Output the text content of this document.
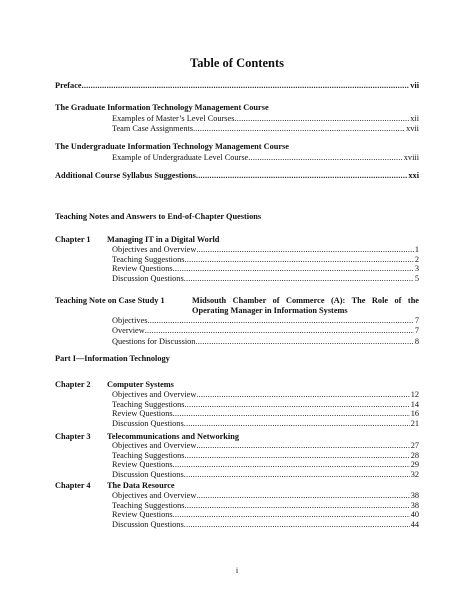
Table of Contents
Preface .....	vii
The Graduate Information Technology Management Course
Examples of Master’s Level Courses .....	xii
Team Case Assignments .....	xvii
The Undergraduate Information Technology Management Course
Example of Undergraduate Level Course .....	xviii
Additional Course Syllabus Suggestions .....	xxi
Teaching Notes and Answers to End-of-Chapter Questions
Chapter 1 Managing IT in a Digital World
Objectives and Overview .....	1
Teaching Suggestions .....	2
Review Questions .....	3
Discussion Questions .....	5
Teaching Note on Case Study 1	Midsouth Chamber of Commerce (A): The Role of the Operating Manager in Information Systems
Objectives .....	7
Overview .....	7
Questions for Discussion .....	8
Part I—Information Technology
Chapter 2 Computer Systems
Objectives and Overview .....	12
Teaching Suggestions .....	14
Review Questions .....	16
Discussion Questions .....	21
Chapter 3 Telecommunications and Networking
Objectives and Overview .....	27
Teaching Suggestions .....	28
Review Questions .....	29
Discussion Questions .....	32
Chapter 4 The Data Resource
Objectives and Overview .....	38
Teaching Suggestions .....	38
Review Questions .....	40
Discussion Questions .....	44
i
